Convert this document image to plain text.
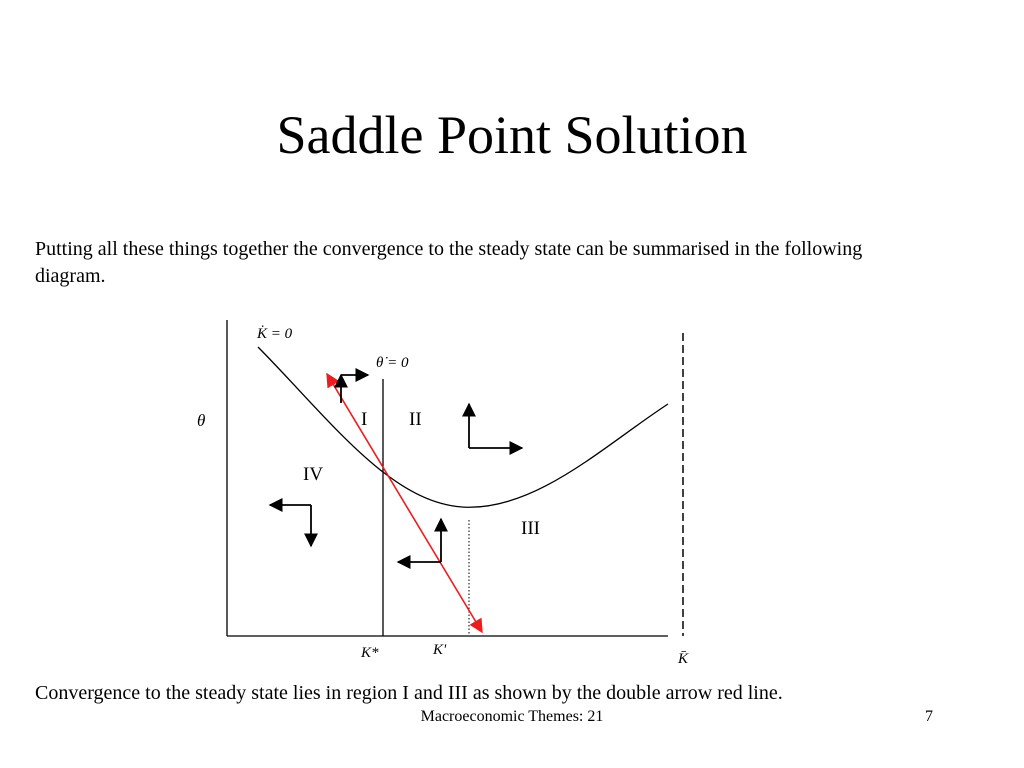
Saddle Point Solution
Putting all these things together the convergence to the steady state can be summarised in the following diagram.
θ
K̇ = 0
θ̇ = 0
I II
III
IV
K*	K'
K̄
Convergence to the steady state lies in region I and III as shown by the double arrow red line.
Macroeconomic Themes: 21	7
